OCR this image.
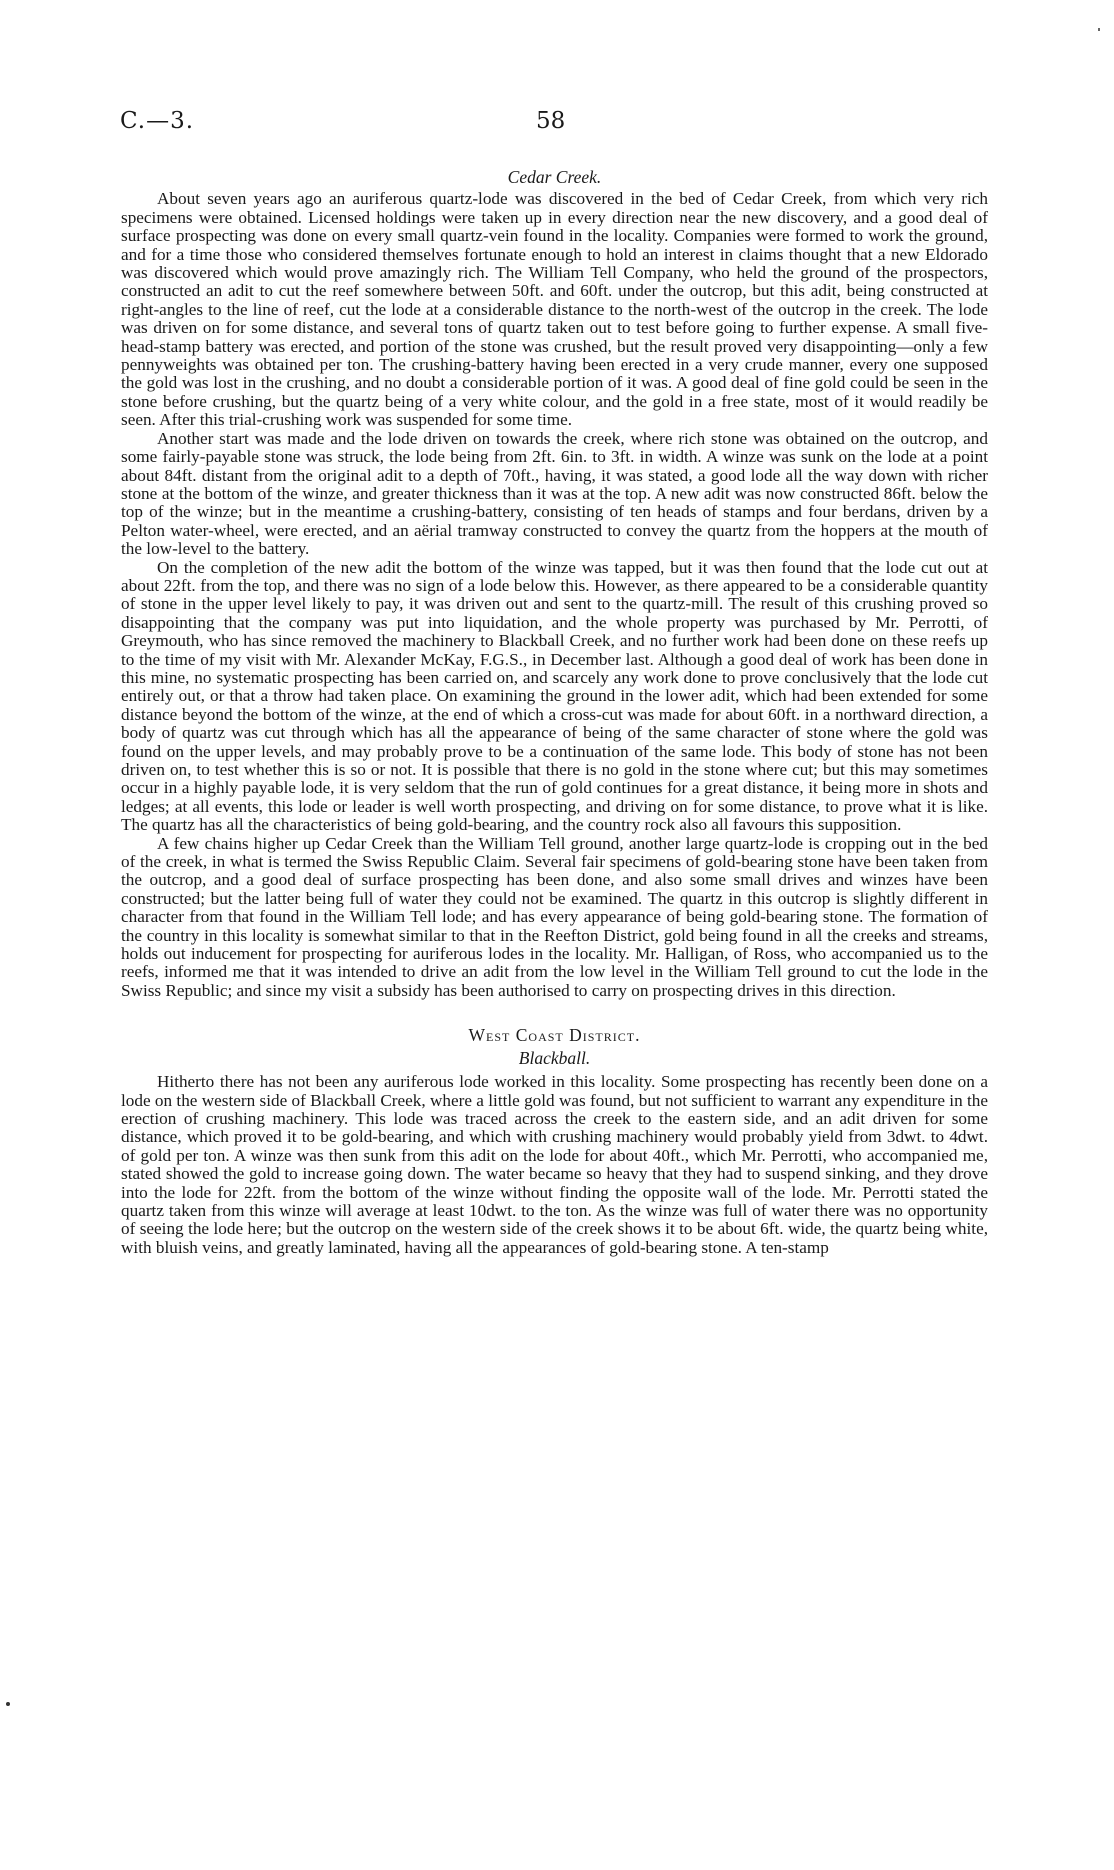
C.—3.	58
Cedar Creek.

About seven years ago an auriferous quartz-lode was discovered in the bed of Cedar Creek, from which very rich specimens were obtained. Licensed holdings were taken up in every direction near the new discovery, and a good deal of surface prospecting was done on every small quartz-vein found in the locality. Companies were formed to work the ground, and for a time those who considered themselves fortunate enough to hold an interest in claims thought that a new Eldorado was discovered which would prove amazingly rich. The William Tell Company, who held the ground of the prospectors, constructed an adit to cut the reef somewhere between 50ft. and 60ft. under the outcrop, but this adit, being constructed at right-angles to the line of reef, cut the lode at a considerable distance to the north-west of the outcrop in the creek. The lode was driven on for some distance, and several tons of quartz taken out to test before going to further expense. A small five-head-stamp battery was erected, and portion of the stone was crushed, but the result proved very disappointing—only a few pennyweights was obtained per ton. The crushing-battery having been erected in a very crude manner, every one supposed the gold was lost in the crushing, and no doubt a considerable portion of it was. A good deal of fine gold could be seen in the stone before crushing, but the quartz being of a very white colour, and the gold in a free state, most of it would readily be seen. After this trial-crushing work was suspended for some time.

Another start was made and the lode driven on towards the creek, where rich stone was obtained on the outcrop, and some fairly-payable stone was struck, the lode being from 2ft. 6in. to 3ft. in width. A winze was sunk on the lode at a point about 84ft. distant from the original adit to a depth of 70ft., having, it was stated, a good lode all the way down with richer stone at the bottom of the winze, and greater thickness than it was at the top. A new adit was now constructed 86ft. below the top of the winze; but in the meantime a crushing-battery, consisting of ten heads of stamps and four berdans, driven by a Pelton water-wheel, were erected, and an aërial tramway constructed to convey the quartz from the hoppers at the mouth of the low-level to the battery.

On the completion of the new adit the bottom of the winze was tapped, but it was then found that the lode cut out at about 22ft. from the top, and there was no sign of a lode below this. However, as there appeared to be a considerable quantity of stone in the upper level likely to pay, it was driven out and sent to the quartz-mill. The result of this crushing proved so disappointing that the company was put into liquidation, and the whole property was purchased by Mr. Perrotti, of Greymouth, who has since removed the machinery to Blackball Creek, and no further work had been done on these reefs up to the time of my visit with Mr. Alexander McKay, F.G.S., in December last. Although a good deal of work has been done in this mine, no systematic prospecting has been carried on, and scarcely any work done to prove conclusively that the lode cut entirely out, or that a throw had taken place. On examining the ground in the lower adit, which had been extended for some distance beyond the bottom of the winze, at the end of which a cross-cut was made for about 60ft. in a northward direction, a body of quartz was cut through which has all the appearance of being of the same character of stone where the gold was found on the upper levels, and may probably prove to be a continuation of the same lode. This body of stone has not been driven on, to test whether this is so or not. It is possible that there is no gold in the stone where cut; but this may sometimes occur in a highly payable lode, it is very seldom that the run of gold continues for a great distance, it being more in shots and ledges; at all events, this lode or leader is well worth prospecting, and driving on for some distance, to prove what it is like. The quartz has all the characteristics of being gold-bearing, and the country rock also all favours this supposition.

A few chains higher up Cedar Creek than the William Tell ground, another large quartz-lode is cropping out in the bed of the creek, in what is termed the Swiss Republic Claim. Several fair specimens of gold-bearing stone have been taken from the outcrop, and a good deal of surface prospecting has been done, and also some small drives and winzes have been constructed; but the latter being full of water they could not be examined. The quartz in this outcrop is slightly different in character from that found in the William Tell lode; and has every appearance of being gold-bearing stone. The formation of the country in this locality is somewhat similar to that in the Reefton District, gold being found in all the creeks and streams, holds out inducement for prospecting for auriferous lodes in the locality. Mr. Halligan, of Ross, who accompanied us to the reefs, informed me that it was intended to drive an adit from the low level in the William Tell ground to cut the lode in the Swiss Republic; and since my visit a subsidy has been authorised to carry on prospecting drives in this direction.

West Coast District.
Blackball.

Hitherto there has not been any auriferous lode worked in this locality. Some prospecting has recently been done on a lode on the western side of Blackball Creek, where a little gold was found, but not sufficient to warrant any expenditure in the erection of crushing machinery. This lode was traced across the creek to the eastern side, and an adit driven for some distance, which proved it to be gold-bearing, and which with crushing machinery would probably yield from 3dwt. to 4dwt. of gold per ton. A winze was then sunk from this adit on the lode for about 40ft., which Mr. Perrotti, who accompanied me, stated showed the gold to increase going down. The water became so heavy that they had to suspend sinking, and they drove into the lode for 22ft. from the bottom of the winze without finding the opposite wall of the lode. Mr. Perrotti stated the quartz taken from this winze will average at least 10dwt. to the ton. As the winze was full of water there was no opportunity of seeing the lode here; but the outcrop on the western side of the creek shows it to be about 6ft. wide, the quartz being white, with bluish veins, and greatly laminated, having all the appearances of gold-bearing stone. A ten-stamp
